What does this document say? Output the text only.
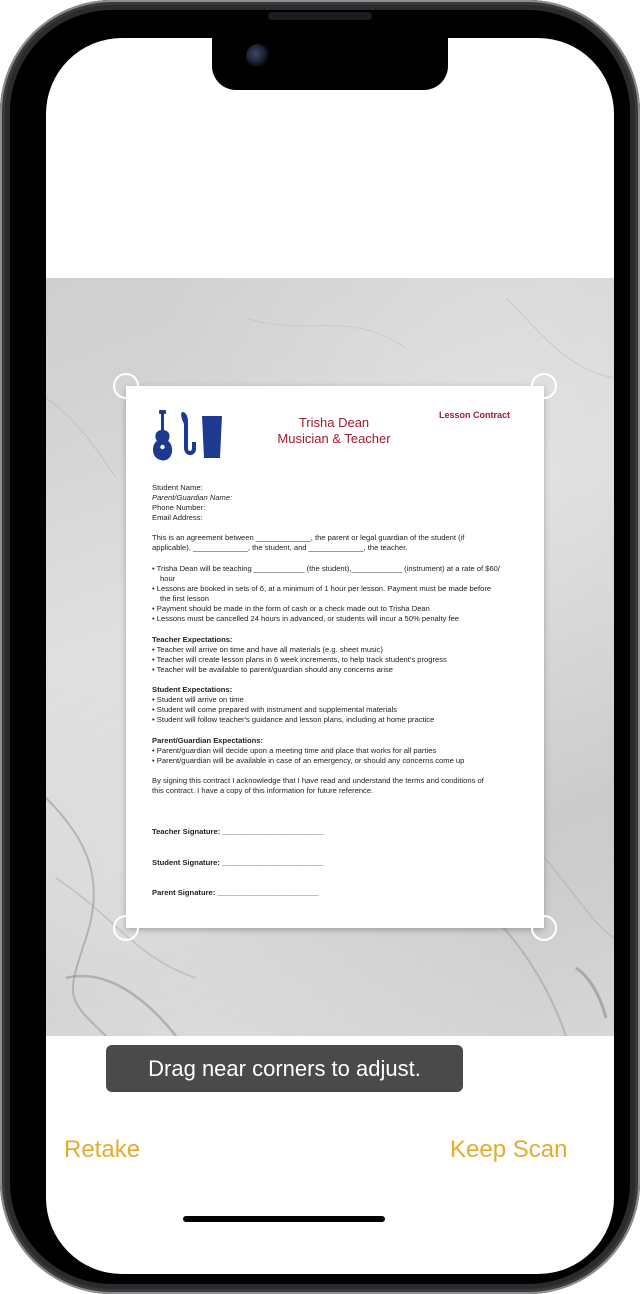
Trisha Dean
Musician & Teacher
Lesson Contract
Student Name:
Parent/Guardian Name:
Phone Number:
Email Address:
This is an agreement between _____________, the parent or legal guardian of the student (if
applicable), _____________, the student, and _____________, the teacher.
• Trisha Dean will be teaching ____________ (the student),____________ (instrument) at a rate of $60/
hour
• Lessons are booked in sets of 6, at a minimum of 1 hour per lesson. Payment must be made before
the first lesson
• Payment should be made in the form of cash or a check made out to Trisha Dean
• Lessons must be cancelled 24 hours in advanced, or students will incur a 50% penalty fee
Teacher Expectations:
• Teacher will arrive on time and have all materials (e.g. sheet music)
• Teacher will create lesson plans in 6 week increments, to help track student's progress
• Teacher will be available to parent/guardian should any concerns arise
Student Expectations:
• Student will arrive on time
• Student will come prepared with instrument and supplemental materials
• Student will follow teacher's guidance and lesson plans, including at home practice
Parent/Guardian Expectations:
• Parent/guardian will decide upon a meeting time and place that works for all parties
• Parent/guardian will be available in case of an emergency, or should any concerns come up
By signing this contract I acknowledge that I have read and understand the terms and conditions of
this contract. I have a copy of this information for future reference.
Teacher Signature: ________________________
Student Signature: ________________________
Parent Signature: ________________________
Drag near corners to adjust.
Retake	Keep Scan
